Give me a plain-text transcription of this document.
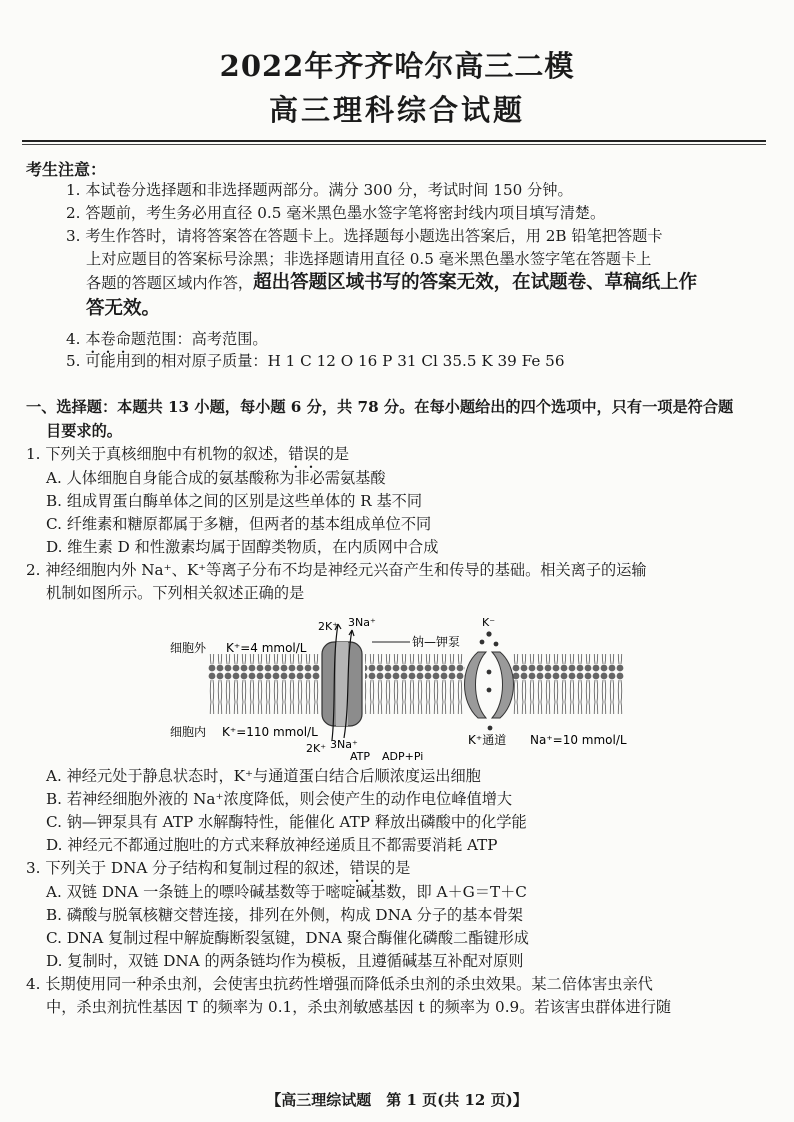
2022年齐齐哈尔高三二模
高三理科综合试题
考生注意：
1. 本试卷分选择题和非选择题两部分。满分 300 分，考试时间 150 分钟。
2. 答题前，考生务必用直径 0.5 毫米黑色墨水签字笔将密封线内项目填写清楚。
3. 考生作答时，请将答案答在答题卡上。选择题每小题选出答案后，用 2B 铅笔把答题卡
上对应题目的答案标号涂黑；非选择题请用直径 0.5 毫米黑色墨水签字笔在答题卡上
各题的答题区域内作答，超出答题区域书写的答案无效，在试题卷、草稿纸上作
答无效。
4. 本卷命题范围：高考范围。
5. 可能用到的相对原子质量：H 1 C 12 O 16 P 31 Cl 35.5 K 39 Fe 56
一、选择题：本题共 13 小题，每小题 6 分，共 78 分。在每小题给出的四个选项中，只有一项是符合题
目要求的。
1. 下列关于真核细胞中有机物的叙述，错误的是
A. 人体细胞自身能合成的氨基酸称为非必需氨基酸
B. 组成胃蛋白酶单体之间的区别是这些单体的 R 基不同
C. 纤维素和糖原都属于多糖，但两者的基本组成单位不同
D. 维生素 D 和性激素均属于固醇类物质，在内质网中合成
2. 神经细胞内外 Na⁺、K⁺等离子分布不均是神经元兴奋产生和传导的基础。相关离子的运输
机制如图所示。下列相关叙述正确的是
细胞外 K⁺=4 mmol/L
2K⁺ 3Na⁺
钠—钾泵
K⁻
细胞内 K⁺=110 mmol/L
2K⁺ 3Na⁺
ATP ADP+Pi
K⁺通道 Na⁺=10 mmol/L
A. 神经元处于静息状态时，K⁺与通道蛋白结合后顺浓度运出细胞
B. 若神经细胞外液的 Na⁺浓度降低，则会使产生的动作电位峰值增大
C. 钠—钾泵具有 ATP 水解酶特性，能催化 ATP 释放出磷酸中的化学能
D. 神经元不都通过胞吐的方式来释放神经递质且不都需要消耗 ATP
3. 下列关于 DNA 分子结构和复制过程的叙述，错误的是
A. 双链 DNA 一条链上的嘌呤碱基数等于嘧啶碱基数，即 A＋G＝T＋C
B. 磷酸与脱氧核糖交替连接，排列在外侧，构成 DNA 分子的基本骨架
C. DNA 复制过程中解旋酶断裂氢键，DNA 聚合酶催化磷酸二酯键形成
D. 复制时，双链 DNA 的两条链均作为模板，且遵循碱基互补配对原则
4. 长期使用同一种杀虫剂，会使害虫抗药性增强而降低杀虫剂的杀虫效果。某二倍体害虫亲代
中，杀虫剂抗性基因 T 的频率为 0.1，杀虫剂敏感基因 t 的频率为 0.9。若该害虫群体进行随
【高三理综试题　第 1 页(共 12 页)】
